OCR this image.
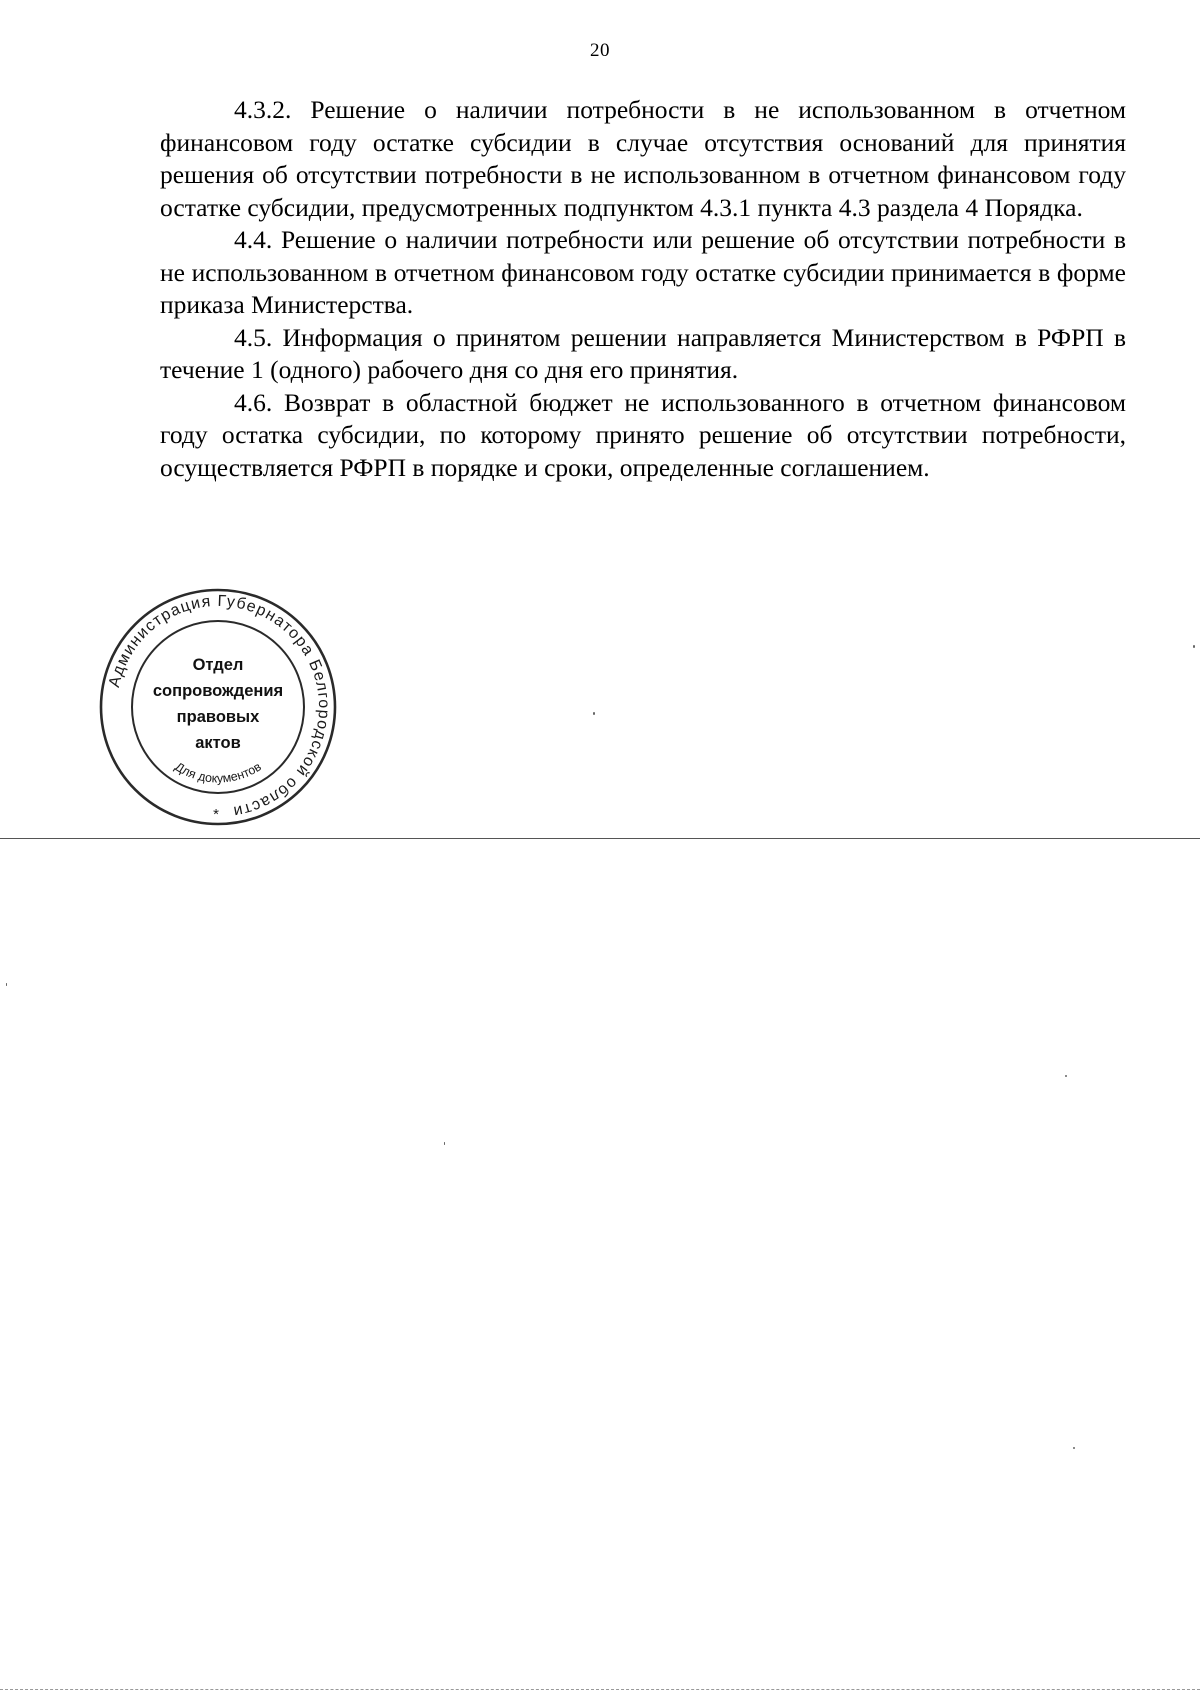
20

4.3.2. Решение о наличии потребности в не использованном в отчетном финансовом году остатке субсидии в случае отсутствия оснований для принятия решения об отсутствии потребности в не использованном в отчетном финансовом году остатке субсидии, предусмотренных подпунктом 4.3.1 пункта 4.3 раздела 4 Порядка.

4.4. Решение о наличии потребности или решение об отсутствии потребности в не использованном в отчетном финансовом году остатке субсидии принимается в форме приказа Министерства.

4.5. Информация о принятом решении направляется Министерством в РФРП в течение 1 (одного) рабочего дня со дня его принятия.

4.6. Возврат в областной бюджет не использованного в отчетном финансовом году остатка субсидии, по которому принято решение об отсутствии потребности, осуществляется РФРП в порядке и сроки, определенные соглашением.

Администрация Губернатора Белгородской области
Для документов
*
Отдел
сопровождения
правовых
актов
